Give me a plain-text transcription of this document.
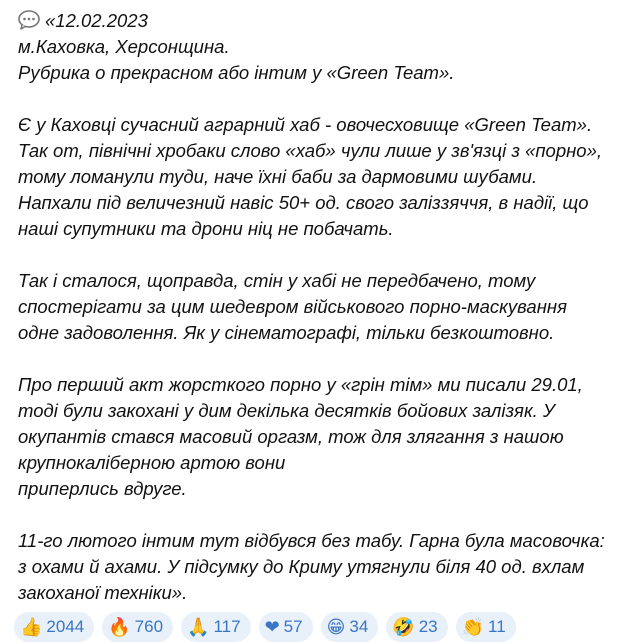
«12.02.2023
м.Каховка, Херсонщина.
Рубрика о прекрасном або інтим у «Green Team».
Є у Каховці сучасний аграрний хаб - овочесховище «Green Team».
Так от, північні хробаки слово «хаб» чули лише у зв'язці з «порно»,
тому ломанули туди, наче їхні баби за дармовими шубами.
Напхали під величезний навіс 50+ од. свого заліззяччя, в надії, що
наші супутники та дрони ніц не побачать.
Так і сталося, щоправда, стін у хабі не передбачено, тому
спостерігати за цим шедевром військового порно-маскування
одне задоволення. Як у сінематографі, тільки безкоштовно.
Про перший акт жорсткого порно у «грін тім» ми писали 29.01,
тоді були закохані у дим декілька десятків бойових залізяк. У
окупантів стався масовий оргазм, тож для злягання з нашою
крупнокаліберною артою вони
приперлись вдруге.
11-го лютого інтим тут відбувся без табу. Гарна була масовочка:
з охами й ахами. У підсумку до Криму утягнули біля 40 од. вхлам
закоханої техніки».
👍 2044 🔥 760 🙏 117 ❤ 57 😁 34 🤣 23 👏 11
